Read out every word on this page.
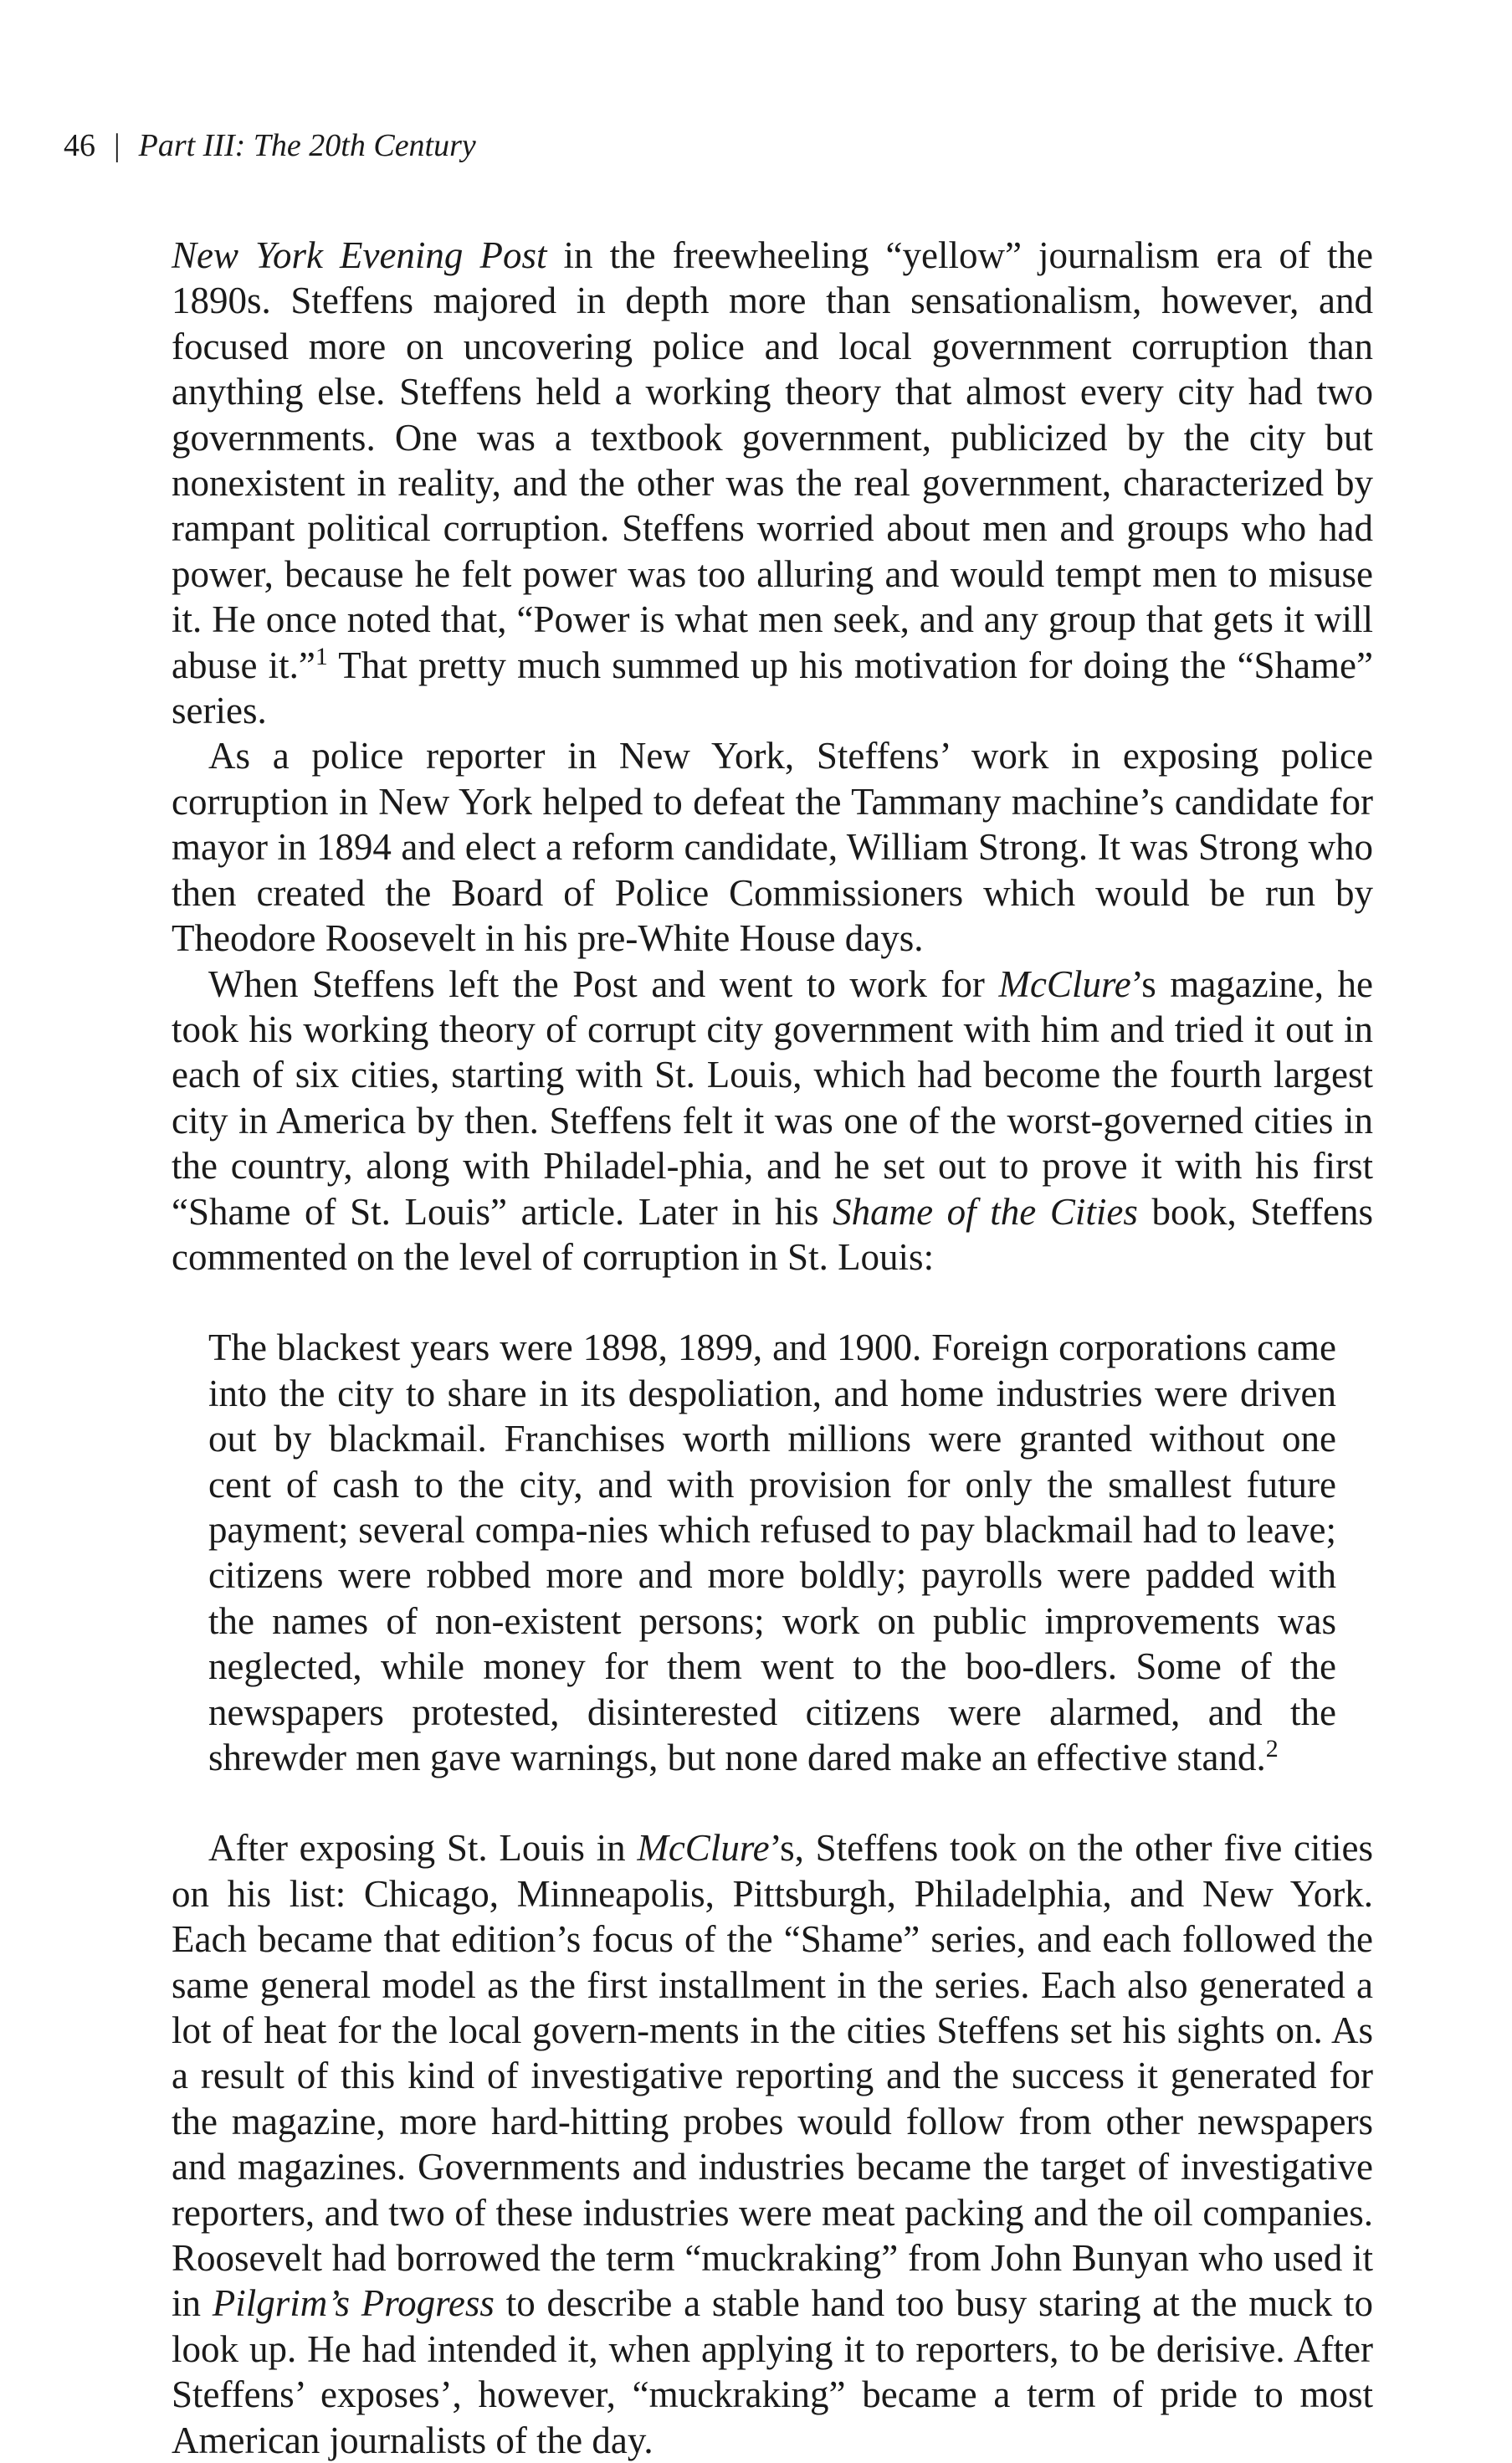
46 | Part III: The 20th Century

New York Evening Post in the freewheeling “yellow” journalism era of the 1890s. Steffens majored in depth more than sensationalism, however, and focused more on uncovering police and local government corruption than anything else. Steffens held a working theory that almost every city had two governments. One was a textbook government, publicized by the city but nonexistent in reality, and the other was the real government, characterized by rampant political corruption. Steffens worried about men and groups who had power, because he felt power was too alluring and would tempt men to misuse it. He once noted that, “Power is what men seek, and any group that gets it will abuse it.”$^1$ That pretty much summed up his motivation for doing the “Shame” series.

As a police reporter in New York, Steffens’ work in exposing police corruption in New York helped to defeat the Tammany machine’s candidate for mayor in 1894 and elect a reform candidate, William Strong. It was Strong who then created the Board of Police Commissioners which would be run by Theodore Roosevelt in his pre-White House days.

When Steffens left the Post and went to work for McClure’s magazine, he took his working theory of corrupt city government with him and tried it out in each of six cities, starting with St. Louis, which had become the fourth largest city in America by then. Steffens felt it was one of the worst-governed cities in the country, along with Philadel-phia, and he set out to prove it with his first “Shame of St. Louis” article. Later in his Shame of the Cities book, Steffens commented on the level of corruption in St. Louis:

The blackest years were 1898, 1899, and 1900. Foreign corporations came into the city to share in its despoliation, and home industries were driven out by blackmail. Franchises worth millions were granted without one cent of cash to the city, and with provision for only the smallest future payment; several compa-nies which refused to pay blackmail had to leave; citizens were robbed more and more boldly; payrolls were padded with the names of non-existent persons; work on public improvements was neglected, while money for them went to the boo-dlers. Some of the newspapers protested, disinterested citizens were alarmed, and the shrewder men gave warnings, but none dared make an effective stand.$^2$

After exposing St. Louis in McClure’s, Steffens took on the other five cities on his list: Chicago, Minneapolis, Pittsburgh, Philadelphia, and New York. Each became that edition’s focus of the “Shame” series, and each followed the same general model as the first installment in the series. Each also generated a lot of heat for the local govern-ments in the cities Steffens set his sights on. As a result of this kind of investigative reporting and the success it generated for the magazine, more hard-hitting probes would follow from other newspapers and magazines. Governments and industries became the target of investigative reporters, and two of these industries were meat packing and the oil companies. Roosevelt had borrowed the term “muckraking” from John Bunyan who used it in Pilgrim’s Progress to describe a stable hand too busy staring at the muck to look up. He had intended it, when applying it to reporters, to be derisive. After Steffens’ exposes’, however, “muckraking” became a term of pride to most American journalists of the day.
